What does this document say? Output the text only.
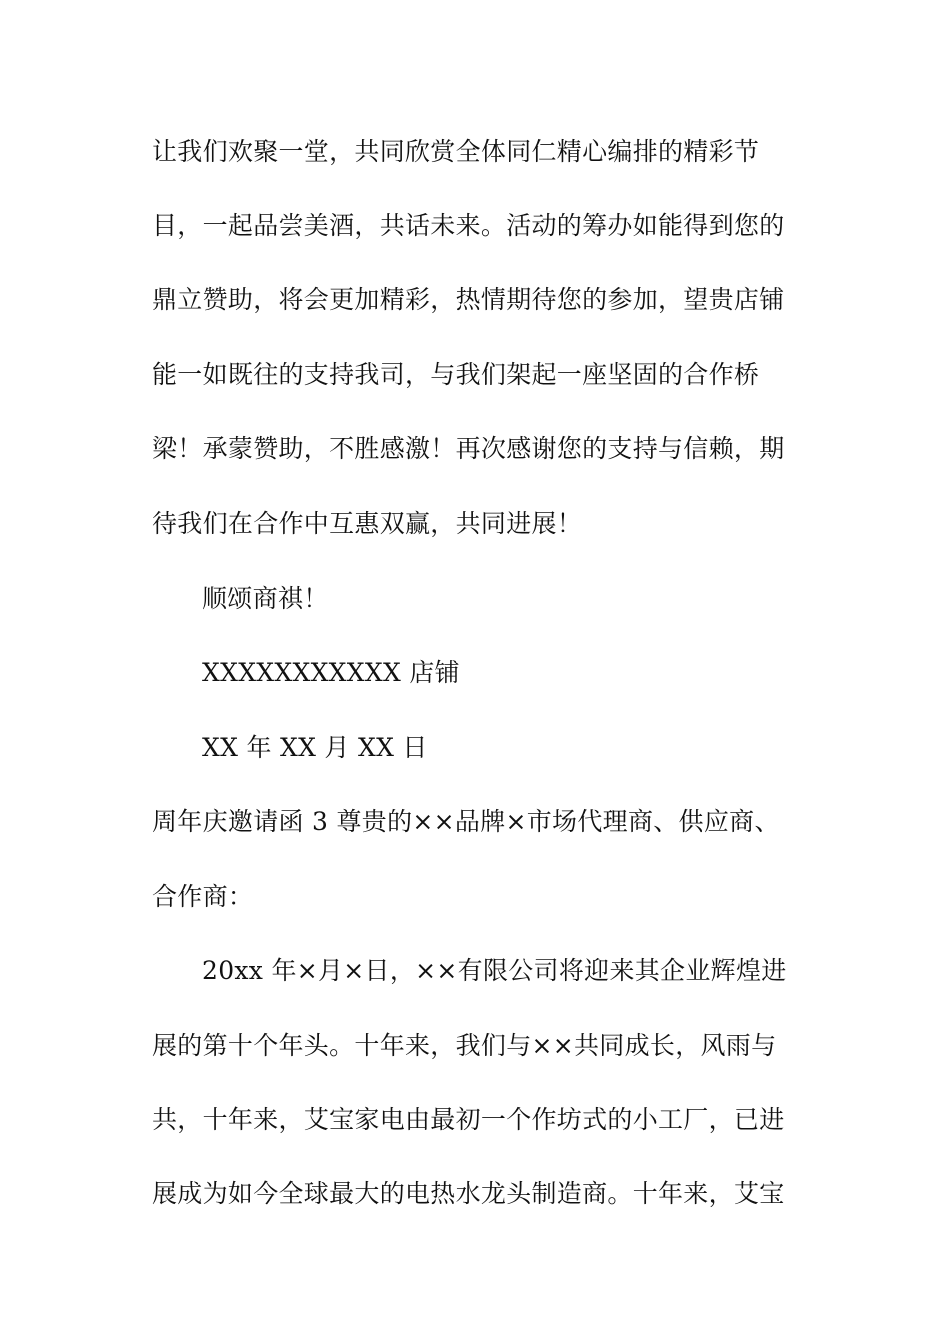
让我们欢聚一堂，共同欣赏全体同仁精心编排的精彩节
目，一起品尝美酒，共话未来。活动的筹办如能得到您的
鼎立赞助，将会更加精彩，热情期待您的参加，望贵店铺
能一如既往的支持我司，与我们架起一座坚固的合作桥
梁！承蒙赞助，不胜感激！再次感谢您的支持与信赖，期
待我们在合作中互惠双赢，共同进展！
顺颂商祺！
XXXXXXXXXXX 店铺
XX 年 XX 月 XX 日
周年庆邀请函 3 尊贵的××品牌×市场代理商、供应商、
合作商：
20xx 年×月×日，××有限公司将迎来其企业辉煌进
展的第十个年头。十年来，我们与××共同成长，风雨与
共，十年来，艾宝家电由最初一个作坊式的小工厂，已进
展成为如今全球最大的电热水龙头制造商。十年来，艾宝
